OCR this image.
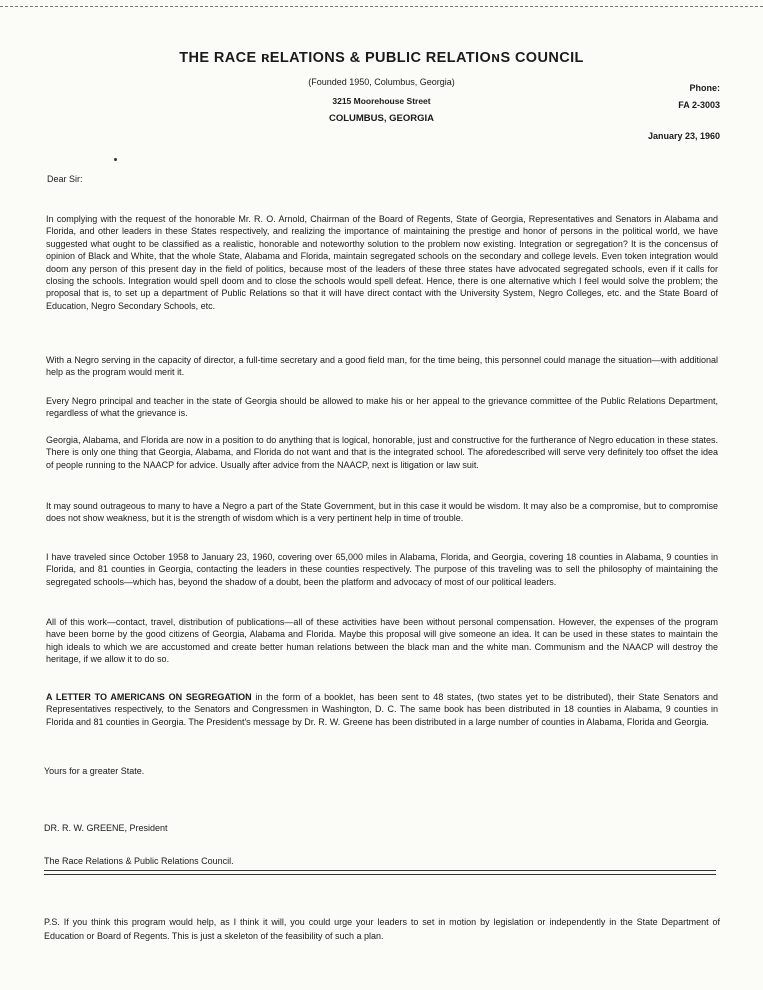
THE RACE ʀELATIONS & PUBLIC RELATIOɴS COUNCIL
(Founded 1950, Columbus, Georgia)
3215 Moorehouse Street
COLUMBUS, GEORGIA
Phone:
FA 2-3003
January 23, 1960
Dear Sir:

In complying with the request of the honorable Mr. R. O. Arnold, Chairman of the Board of Regents, State of Georgia, Representatives and Senators in Alabama and Florida, and other leaders in these States respectively, and realizing the importance of maintaining the prestige and honor of persons in the political world, we have suggested what ought to be classified as a realistic, honorable and noteworthy solution to the problem now existing. Integration or segregation? It is the concensus of opinion of Black and White, that the whole State, Alabama and Florida, maintain segregated schools on the secondary and college levels. Even token integration would doom any person of this present day in the field of politics, because most of the leaders of these three states have advocated segregated schools, even if it calls for closing the schools. Integration would spell doom and to close the schools would spell defeat. Hence, there is one alternative which I feel would solve the problem; the proposal that is, to set up a department of Public Relations so that it will have direct contact with the University System, Negro Colleges, etc. and the State Board of Education, Negro Secondary Schools, etc.

With a Negro serving in the capacity of director, a full-time secretary and a good field man, for the time being, this personnel could manage the situation—with additional help as the program would merit it.

Every Negro principal and teacher in the state of Georgia should be allowed to make his or her appeal to the grievance committee of the Public Relations Department, regardless of what the grievance is.

Georgia, Alabama, and Florida are now in a position to do anything that is logical, honorable, just and constructive for the furtherance of Negro education in these states. There is only one thing that Georgia, Alabama, and Florida do not want and that is the integrated school. The aforedescribed will serve very definitely too offset the idea of people running to the NAACP for advice. Usually after advice from the NAACP, next is litigation or law suit.

It may sound outrageous to many to have a Negro a part of the State Government, but in this case it would be wisdom. It may also be a compromise, but to compromise does not show weakness, but it is the strength of wisdom which is a very pertinent help in time of trouble.

I have traveled since October 1958 to January 23, 1960, covering over 65,000 miles in Alabama, Florida, and Georgia, covering 18 counties in Alabama, 9 counties in Florida, and 81 counties in Georgia, contacting the leaders in these counties respectively. The purpose of this traveling was to sell the philosophy of maintaining the segregated schools—which has, beyond the shadow of a doubt, been the platform and advocacy of most of our political leaders.

All of this work—contact, travel, distribution of publications—all of these activities have been without personal compensation. However, the expenses of the program have been borne by the good citizens of Georgia, Alabama and Florida. Maybe this proposal will give someone an idea. It can be used in these states to maintain the high ideals to which we are accustomed and create better human relations between the black man and the white man. Communism and the NAACP will destroy the heritage, if we allow it to do so.

A LETTER TO AMERICANS ON SEGREGATION in the form of a booklet, has been sent to 48 states, (two states yet to be distributed), their State Senators and Representatives respectively, to the Senators and Congressmen in Washington, D. C. The same book has been distributed in 18 counties in Alabama, 9 counties in Florida and 81 counties in Georgia. The President's message by Dr. R. W. Greene has been distributed in a large number of counties in Alabama, Florida and Georgia.

Yours for a greater State.
DR. R. W. GREENE, President
The Race Relations & Public Relations Council.

P.S. If you think this program would help, as I think it will, you could urge your leaders to set in motion by legislation or independently in the State Department of Education or Board of Regents. This is just a skeleton of the feasibility of such a plan.
